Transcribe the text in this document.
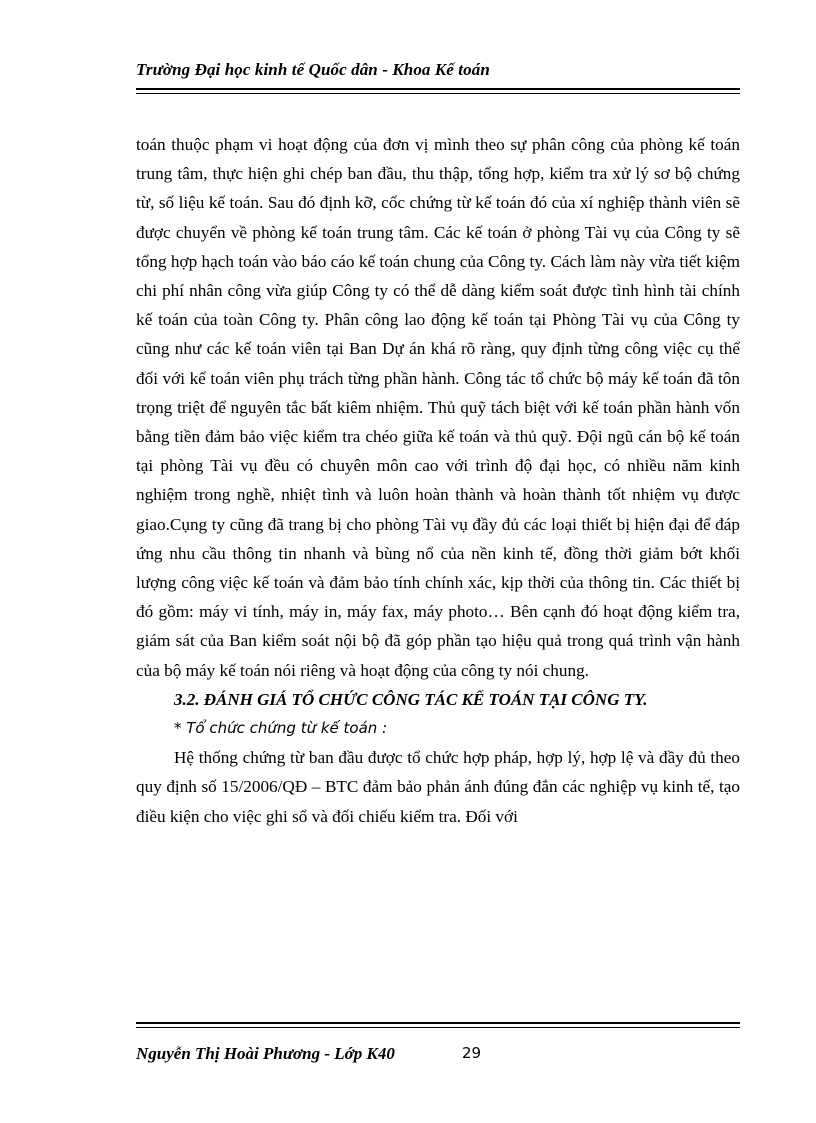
Trường Đại học kinh tế Quốc dân - Khoa Kế toán

toán thuộc phạm vi hoạt động của đơn vị mình theo sự phân công của phòng kế toán trung tâm, thực hiện ghi chép ban đầu, thu thập, tổng hợp, kiểm tra xử lý sơ bộ chứng từ, số liệu kế toán. Sau đó định kỡ, cốc chứng từ kế toán đó của xí nghiệp thành viên sẽ được chuyển về phòng kế toán trung tâm. Các kế toán ở phòng Tài vụ của Công ty sẽ tổng hợp hạch toán vào báo cáo kế toán chung của Công ty. Cách làm này vừa tiết kiệm chi phí nhân công vừa giúp Công ty có thể dễ dàng kiểm soát được tình hình tài chính kế toán của toàn Công ty. Phân công lao động kế toán tại Phòng Tài vụ của Công ty cũng như các kế toán viên tại Ban Dự án khá rõ ràng, quy định từng công việc cụ thể đối với kế toán viên phụ trách từng phần hành. Công tác tổ chức bộ máy kế toán đã tôn trọng triệt để nguyên tắc bất kiêm nhiệm. Thủ quỹ tách biệt với kế toán phần hành vốn bằng tiền đảm bảo việc kiểm tra chéo giữa kế toán và thủ quỹ. Đội ngũ cán bộ kế toán tại phòng Tài vụ đều có chuyên môn cao với trình độ đại học, có nhiều năm kinh nghiệm trong nghề, nhiệt tình và luôn hoàn thành và hoàn thành tốt nhiệm vụ được giao.Cụng ty cũng đã trang bị cho phòng Tài vụ đầy đủ các loại thiết bị hiện đại để đáp ứng nhu cầu thông tin nhanh và bùng nổ của nền kinh tế, đồng thời giảm bớt khối lượng công việc kế toán và đảm bảo tính chính xác, kịp thời của thông tin. Các thiết bị đó gồm: máy vi tính, máy in, máy fax, máy photo… Bên cạnh đó hoạt động kiểm tra, giám sát của Ban kiểm soát nội bộ đã góp phần tạo hiệu quả trong quá trình vận hành của bộ máy kế toán nói riêng và hoạt động của công ty nói chung.

3.2. ĐÁNH GIÁ TỔ CHỨC CÔNG TÁC KẾ TOÁN TẠI CÔNG TY.

* Tổ chức chứng từ kế toán :

Hệ thống chứng từ ban đầu được tổ chức hợp pháp, hợp lý, hợp lệ và đầy đủ theo quy định số 15/2006/QĐ – BTC đảm bảo phản ánh đúng đắn các nghiệp vụ kinh tế, tạo điều kiện cho việc ghi sổ và đối chiếu kiểm tra. Đối với

Nguyễn Thị Hoài Phương - Lớp K40	29
